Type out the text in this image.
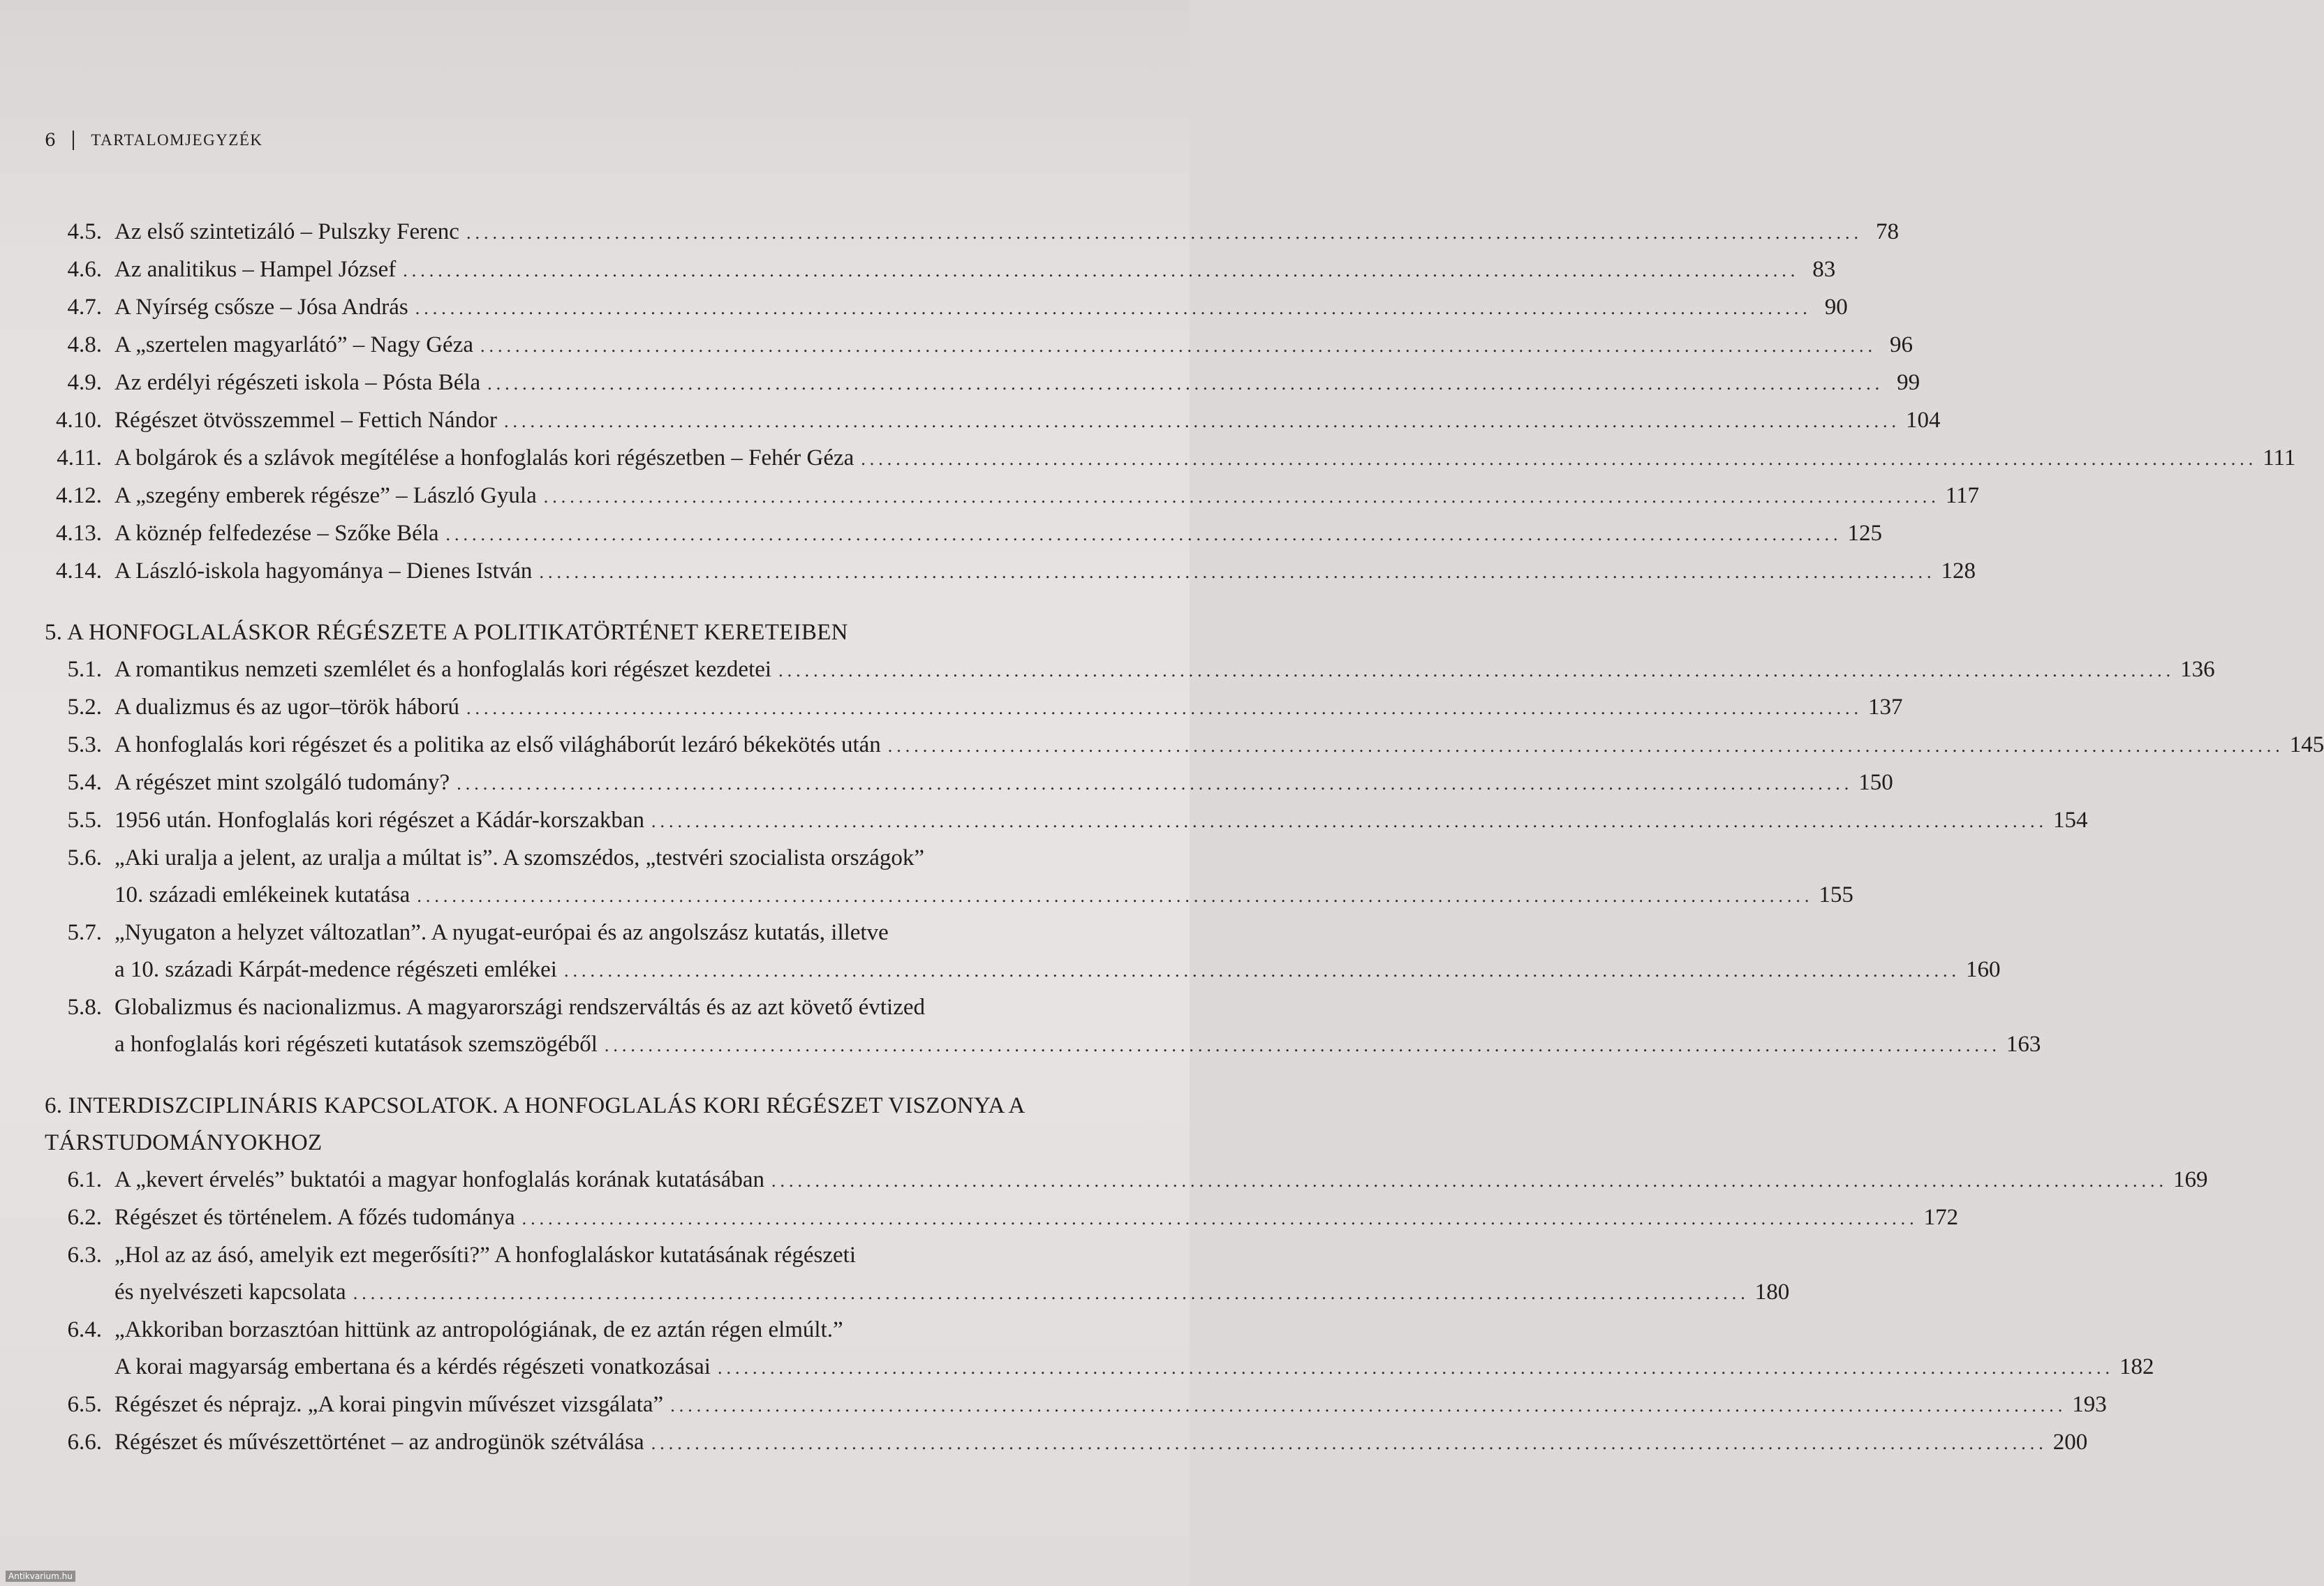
6 TARTALOMJEGYZÉK
4.5. Az első szintetizáló – Pulszky Ferenc ................................................................................................................................................................ 78
4.6. Az analitikus – Hampel József ................................................................................................................................................................ 83
4.7. A Nyírség csősze – Jósa András ................................................................................................................................................................ 90
4.8. A „szertelen magyarlátó” – Nagy Géza ................................................................................................................................................................ 96
4.9. Az erdélyi régészeti iskola – Pósta Béla ................................................................................................................................................................ 99
4.10. Régészet ötvösszemmel – Fettich Nándor ................................................................................................................................................................ 104
4.11. A bolgárok és a szlávok megítélése a honfoglalás kori régészetben – Fehér Géza ................................................................................................................................................................ 111
4.12. A „szegény emberek régésze” – László Gyula ................................................................................................................................................................ 117
4.13. A köznép felfedezése – Szőke Béla ................................................................................................................................................................ 125
4.14. A László-iskola hagyománya – Dienes István ................................................................................................................................................................ 128
5. A HONFOGLALÁSKOR RÉGÉSZETE A POLITIKATÖRTÉNET KERETEIBEN
5.1. A romantikus nemzeti szemlélet és a honfoglalás kori régészet kezdetei ................................................................................................................................................................ 136
5.2. A dualizmus és az ugor–török háború ................................................................................................................................................................ 137
5.3. A honfoglalás kori régészet és a politika az első világháborút lezáró békekötés után ................................................................................................................................................................ 145
5.4. A régészet mint szolgáló tudomány? ................................................................................................................................................................ 150
5.5. 1956 után. Honfoglalás kori régészet a Kádár-korszakban ................................................................................................................................................................ 154
5.6. „Aki uralja a jelent, az uralja a múltat is”. A szomszédos, „testvéri szocialista országok”
10. századi emlékeinek kutatása ................................................................................................................................................................ 155
5.7. „Nyugaton a helyzet változatlan”. A nyugat-európai és az angolszász kutatás, illetve
a 10. századi Kárpát-medence régészeti emlékei ................................................................................................................................................................ 160
5.8. Globalizmus és nacionalizmus. A magyarországi rendszerváltás és az azt követő évtized
a honfoglalás kori régészeti kutatások szemszögéből ................................................................................................................................................................ 163
6. INTERDISZCIPLINÁRIS KAPCSOLATOK. A HONFOGLALÁS KORI RÉGÉSZET VISZONYA A TÁRSTUDOMÁNYOKHOZ
6.1. A „kevert érvelés” buktatói a magyar honfoglalás korának kutatásában ................................................................................................................................................................ 169
6.2. Régészet és történelem. A főzés tudománya ................................................................................................................................................................ 172
6.3. „Hol az az ásó, amelyik ezt megerősíti?” A honfoglaláskor kutatásának régészeti
és nyelvészeti kapcsolata ................................................................................................................................................................ 180
6.4. „Akkoriban borzasztóan hittünk az antropológiának, de ez aztán régen elmúlt.”
A korai magyarság embertana és a kérdés régészeti vonatkozásai ................................................................................................................................................................ 182
6.5. Régészet és néprajz. „A korai pingvin művészet vizsgálata” ................................................................................................................................................................ 193
6.6. Régészet és művészettörténet – az androgünök szétválása ................................................................................................................................................................ 200
Antikvarium.hu
